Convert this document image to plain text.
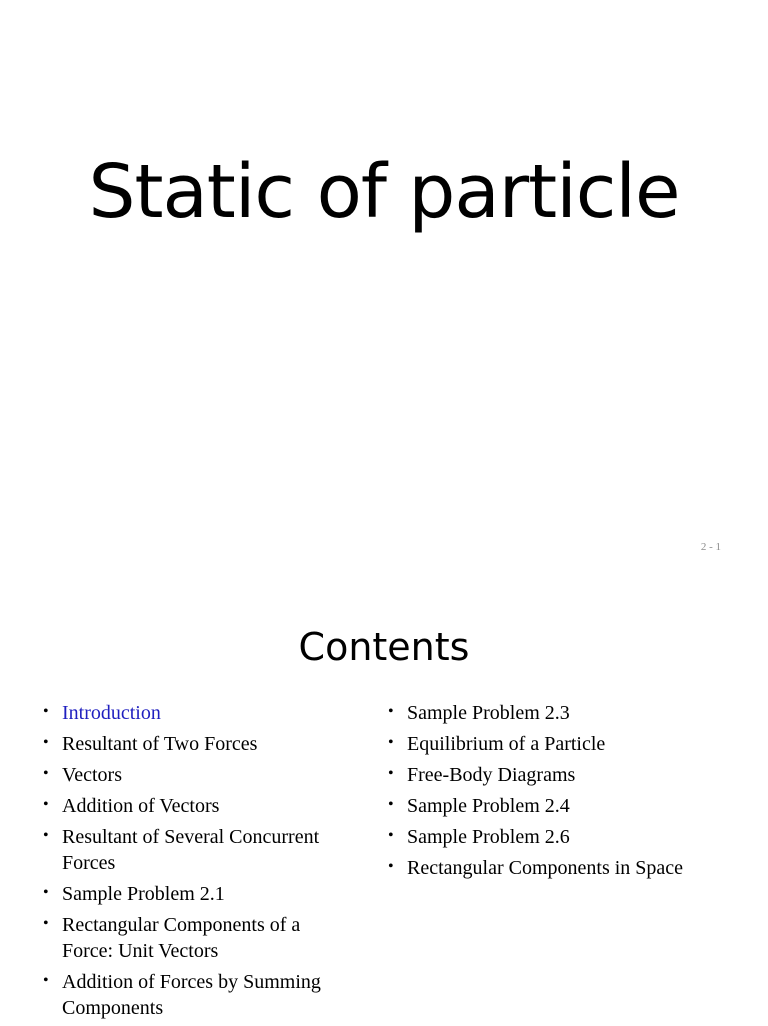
Static of particle
2 - 1
Contents
• Introduction
• Resultant of Two Forces
• Vectors
• Addition of Vectors
• Resultant of Several Concurrent Forces
• Sample Problem 2.1
• Rectangular Components of a Force: Unit Vectors
• Addition of Forces by Summing Components
• Sample Problem 2.3
• Equilibrium of a Particle
• Free-Body Diagrams
• Sample Problem 2.4
• Sample Problem 2.6
• Rectangular Components in Space
